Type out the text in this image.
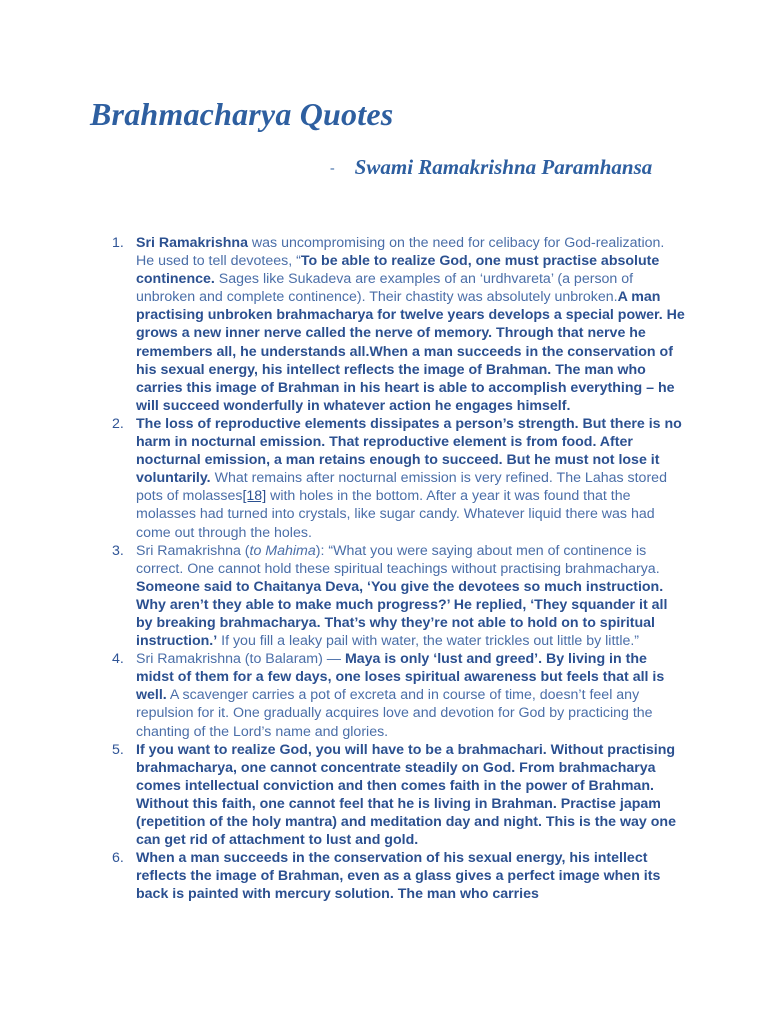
Brahmacharya Quotes
- Swami Ramakrishna Paramhansa
1. Sri Ramakrishna was uncompromising on the need for celibacy for God-realization. He used to tell devotees, “To be able to realize God, one must practise absolute continence. Sages like Sukadeva are examples of an ‘urdhvareta’ (a person of unbroken and complete continence). Their chastity was absolutely unbroken.A man practising unbroken brahmacharya for twelve years develops a special power. He grows a new inner nerve called the nerve of memory. Through that nerve he remembers all, he understands all.When a man succeeds in the conservation of his sexual energy, his intellect reflects the image of Brahman. The man who carries this image of Brahman in his heart is able to accomplish everything – he will succeed wonderfully in whatever action he engages himself.
2. The loss of reproductive elements dissipates a person’s strength. But there is no harm in nocturnal emission. That reproductive element is from food. After nocturnal emission, a man retains enough to succeed. But he must not lose it voluntarily. What remains after nocturnal emission is very refined. The Lahas stored pots of molasses[18] with holes in the bottom. After a year it was found that the molasses had turned into crystals, like sugar candy. Whatever liquid there was had come out through the holes.
3. Sri Ramakrishna (to Mahima): “What you were saying about men of continence is correct. One cannot hold these spiritual teachings without practising brahmacharya. Someone said to Chaitanya Deva, ‘You give the devotees so much instruction. Why aren’t they able to make much progress?’ He replied, ‘They squander it all by breaking brahmacharya. That’s why they’re not able to hold on to spiritual instruction.’ If you fill a leaky pail with water, the water trickles out little by little.”
4. Sri Ramakrishna (to Balaram) — Maya is only ‘lust and greed’. By living in the midst of them for a few days, one loses spiritual awareness but feels that all is well. A scavenger carries a pot of excreta and in course of time, doesn’t feel any repulsion for it. One gradually acquires love and devotion for God by practicing the chanting of the Lord’s name and glories.
5. If you want to realize God, you will have to be a brahmachari. Without practising brahmacharya, one cannot concentrate steadily on God. From brahmacharya comes intellectual conviction and then comes faith in the power of Brahman. Without this faith, one cannot feel that he is living in Brahman. Practise japam (repetition of the holy mantra) and meditation day and night. This is the way one can get rid of attachment to lust and gold.
6. When a man succeeds in the conservation of his sexual energy, his intellect reflects the image of Brahman, even as a glass gives a perfect image when its back is painted with mercury solution. The man who carries
